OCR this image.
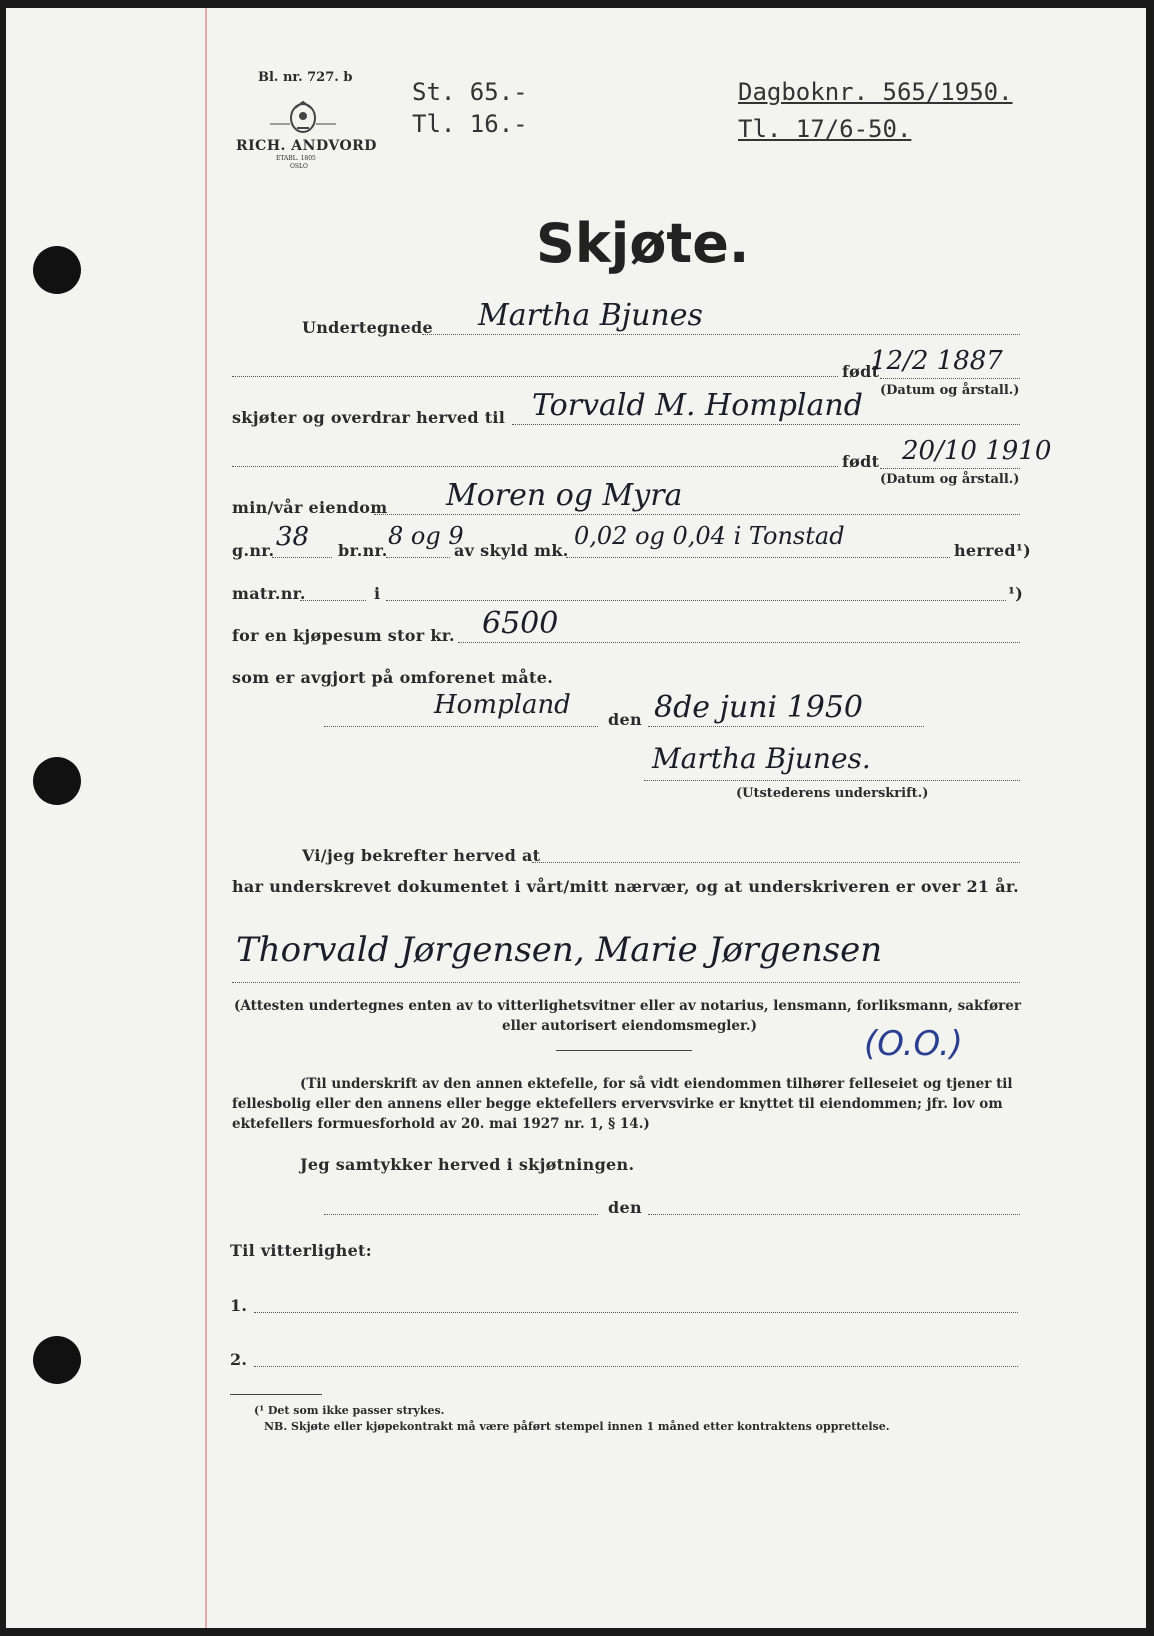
Bl. nr. 727. b
RICH. ANDVORD
ETABL. 1805
OSLO
St. 65.-
Tl. 16.-
Dagboknr. 565/1950.
Tl. 17/6-50.
Skjøte.
Undertegnede Martha Bjunes
født
12/2 1887
(Datum og årstall.)
skjøter og overdrar herved til Torvald M. Hompland
født 20/10 1910
(Datum og årstall.)
min/vår eiendom Moren og Myra
g.nr. 38 br.nr.
8 og 9
av skyld mk.
0,02 og 0,04 i Tonstad
herred¹)
matr.nr.	i	¹)
for en kjøpesum stor kr. 6500
som er avgjort på omforenet måte.
Hompland den 8de juni 1950
Martha Bjunes.
(Utstederens underskrift.)
Vi/jeg bekrefter herved at
har underskrevet dokumentet i vårt/mitt nærvær, og at underskriveren er over 21 år.
Thorvald Jørgensen, Marie Jørgensen
(Attesten undertegnes enten av to vitterlighetsvitner eller av notarius, lensmann, forliksmann, sakfører
eller autorisert eiendomsmegler.)	(O.O.)
(Til underskrift av den annen ektefelle, for så vidt eiendommen tilhører felleseiet og tjener til
fellesbolig eller den annens eller begge ektefellers ervervsvirke er knyttet til eiendommen; jfr. lov om
ektefellers formuesforhold av 20. mai 1927 nr. 1, § 14.)
Jeg samtykker herved i skjøtningen.
den
Til vitterlighet:
1.
2.
(¹ Det som ikke passer strykes.
NB. Skjøte eller kjøpekontrakt må være påført stempel innen 1 måned etter kontraktens opprettelse.
